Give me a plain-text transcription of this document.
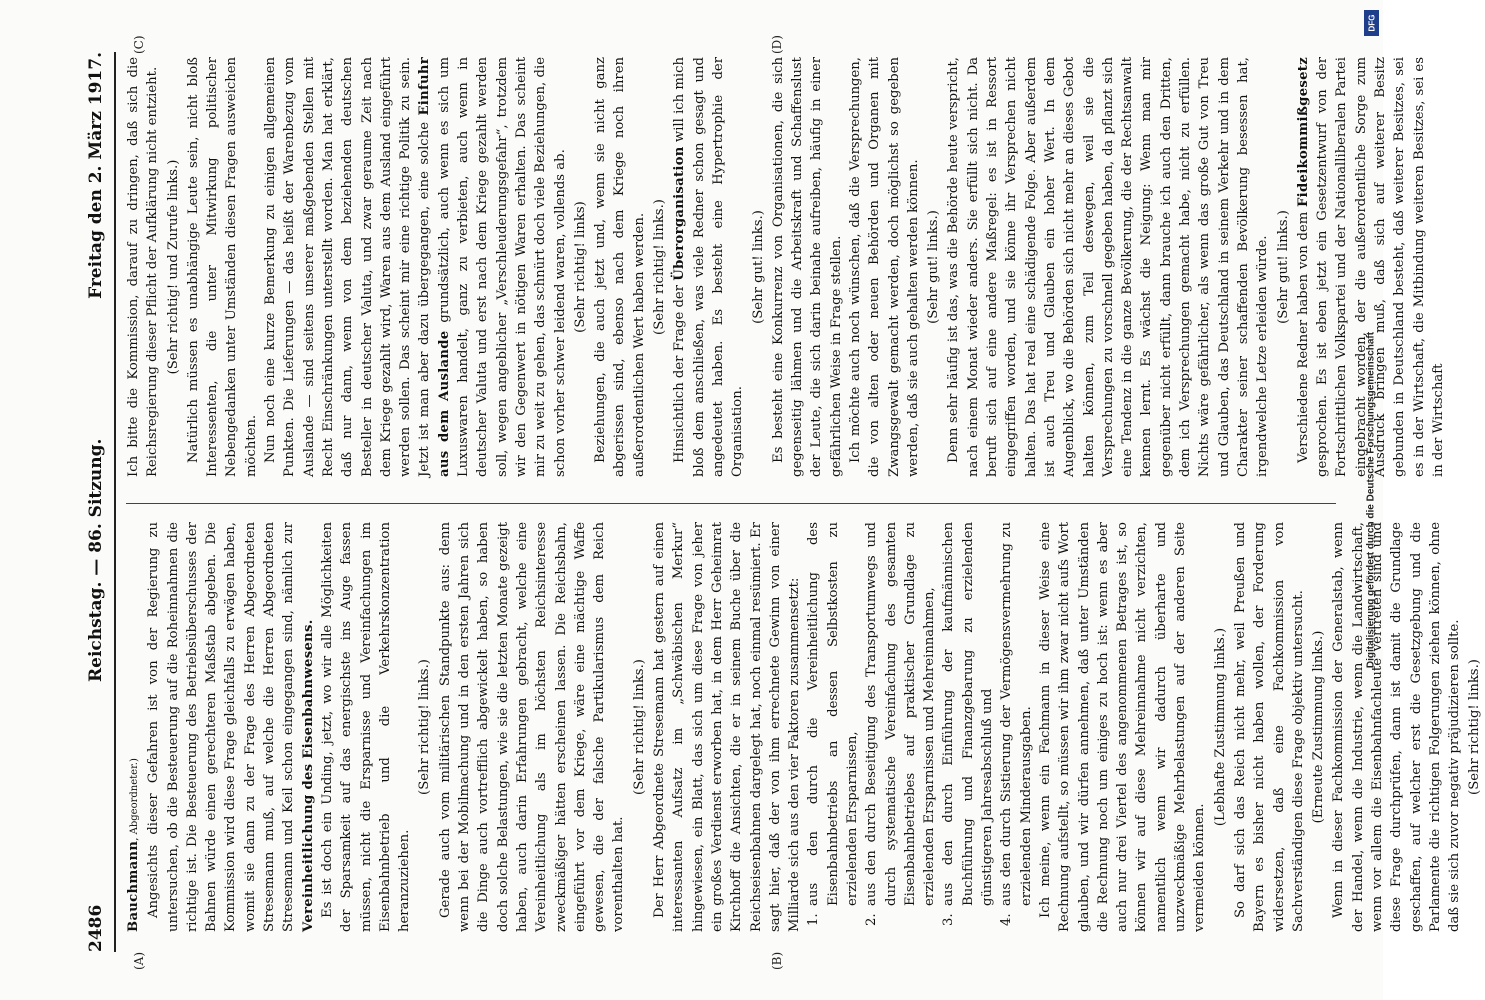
2486
Reichstag. — 86. Sitzung.
Freitag den 2. März 1917.
(A)	(B)
(C)	(D)

Bauchmann, Abgeordneter.) Angesichts dieser Gefahren ist von der Regierung zu untersuchen, ob die Besteuerung auf die Roheinnahmen die richtige ist. Die Besteuerung des Betriebsüberschusses der Bahnen würde einen gerechteren Maßstab abgeben. Die Kommission wird diese Frage gleichfalls zu erwägen haben, womit sie dann zu der Frage des Herren Abgeordneten Stresemann muß, auf welche die Herren Abgeordneten Stresemann und Keil schon eingegangen sind, nämlich zur Vereinheitlichung des Eisenbahnwesens. Es ist doch ein Unding, jetzt, wo wir alle Möglichkeiten der Sparsamkeit auf das energischste ins Auge fassen müssen, nicht die Ersparnisse und Vereinfachungen im Eisenbahnbetrieb und die Verkehrskonzentration heranzuziehen.

(Sehr richtig! links.) Gerade auch vom militärischen Standpunkte aus: denn wenn bei der Mobilmachung und in den ersten Jahren sich die Dinge auch vortrefflich abgewickelt haben, so haben doch solche Belastungen, wie sie die letzten Monate gezeigt haben, auch darin Erfahrungen gebracht, welche eine Vereinheitlichung als im höchsten Reichsinteresse zweckmäßiger hätten erscheinen lassen. Die Reichsbahn, eingeführt vor dem Kriege, wäre eine mächtige Waffe gewesen, die der falsche Partikularismus dem Reich vorenthalten hat.

(Sehr richtig! links.) Der Herr Abgeordnete Stresemann hat gestern auf einen interessanten Aufsatz im „Schwäbischen Merkur“ hingewiesen, ein Blatt, das sich um diese Frage von jeher ein großes Verdienst erworben hat, in dem Herr Geheimrat Kirchhoff die Ansichten, die er in seinem Buche über die Reichseisenbahnen dargelegt hat, noch einmal resümiert. Er sagt hier, daß der von ihm errechnete Gewinn von einer Milliarde sich aus den vier Faktoren zusammensetzt: 1.
aus den durch die Vereinheitlichung des Eisenbahnbetriebs an dessen Selbstkosten zu erzielenden Ersparnissen,

2.
aus den durch Beseitigung des Transportumwegs und durch systematische Vereinfachung des gesamten Eisenbahnbetriebes auf praktischer Grundlage zu erzielenden Ersparnissen und Mehreinnahmen,

3.
aus den durch Einführung der kaufmännischen Buchführung und Finanzgebarung zu erzielenden günstigeren Jahresabschluß und

4.
aus den durch Sistierung der Vermögensvermehrung zu erzielenden Minderausgaben. Ich meine, wenn ein Fachmann in dieser Weise eine Rechnung aufstellt, so müssen wir ihm zwar nicht aufs Wort glauben, und wir dürfen annehmen, daß unter Umständen die Rechnung noch um einiges zu hoch ist: wenn es aber auch nur drei Viertel des angenommenen Betrages ist, so können wir auf diese Mehreinnahme nicht verzichten, namentlich wenn wir dadurch überharte und unzweckmäßige Mehrbelastungen auf der anderen Seite vermeiden können.

(Lebhafte Zustimmung links.) So darf sich das Reich nicht mehr, weil Preußen und Bayern es bisher nicht haben wollen, der Forderung widersetzen, daß eine Fachkommission von Sachverständigen diese Frage objektiv untersucht. (Erneute Zustimmung links.) Wenn in dieser Fachkommission der Generalstab, wenn der Handel, wenn die Industrie, wenn die Landwirtschaft, wenn vor allem die Eisenbahnfachleute vertreten sind und diese Frage durchprüfen, dann ist damit die Grundlage geschaffen, auf welcher erst die Gesetzgebung und die Parlamente die richtigen Folgerungen ziehen können, ohne daß sie sich zuvor negativ präjudizieren sollte. (Sehr richtig! links.)

Ich bitte die Kommission, darauf zu dringen, daß sich die Reichsregierung dieser Pflicht der Aufklärung nicht entzieht. (Sehr richtig! und Zurufe links.) Natürlich müssen es unabhängige Leute sein, nicht bloß Interessenten, die unter Mitwirkung politischer Nebengedanken unter Umständen diesen Fragen ausweichen möchten. Nun noch eine kurze Bemerkung zu einigen allgemeinen Punkten. Die Lieferungen — das heißt der Warenbezug vom Auslande — sind seitens unserer maßgebenden Stellen mit Recht Einschränkungen unterstellt worden. Man hat erklärt, daß nur dann, wenn von dem beziehenden deutschen Besteller in deutscher Valuta, und zwar geraume Zeit nach dem Kriege gezahlt wird, Waren aus dem Ausland eingeführt werden sollen. Das scheint mir eine richtige Politik zu sein. Jetzt ist man aber dazu übergegangen, eine solche Einfuhr aus dem Auslande grundsätzlich, auch wenn es sich um Luxuswaren handelt, ganz zu verbieten, auch wenn in deutscher Valuta und erst nach dem Kriege gezahlt werden soll, wegen angeblicher „Verschleuderungsgefahr“, trotzdem wir den Gegenwert in nötigen Waren erhalten. Das scheint mir zu weit zu gehen, das schnürt doch viele Beziehungen, die schon vorher schwer leidend waren, vollends ab. (Sehr richtig! links) Beziehungen, die auch jetzt und, wenn sie nicht ganz abgerissen sind, ebenso nach dem Kriege noch ihren außerordentlichen Wert haben werden. (Sehr richtig! links.)

Hinsichtlich der Frage der Überorganisation will ich mich bloß dem anschließen, was viele Redner schon gesagt und angedeutet haben. Es besteht eine Hypertrophie der Organisation.

(Sehr gut! links.) Es besteht eine Konkurrenz von Organisationen, die sich gegenseitig lähmen und die Arbeitskraft und Schaffenslust der Leute, die sich darin beinahe aufreiben, häufig in einer gefährlichen Weise in Frage stellen. Ich möchte auch noch wünschen, daß die Versprechungen, die von alten oder neuen Behörden und Organen mit Zwangsgewalt gemacht werden, doch möglichst so gegeben werden, daß sie auch gehalten werden können. (Sehr gut! links.) Denn sehr häufig ist das, was die Behörde heute verspricht, nach einem Monat wieder anders. Sie erfüllt sich nicht. Da beruft sich auf eine andere Maßregel: es ist in Ressort eingegriffen worden, und sie könne ihr Versprechen nicht halten. Das hat real eine schädigende Folge. Aber außerdem ist auch Treu und Glauben ein hoher Wert. In dem Augenblick, wo die Behörden sich nicht mehr an dieses Gebot halten können, zum Teil deswegen, weil sie die Versprechungen zu vorschnell gegeben haben, da pflanzt sich eine Tendenz in die ganze Bevölkerung, die der Rechtsanwalt kennen lernt. Es wächst die Neigung: Wenn man mir gegenüber nicht erfüllt, dann brauche ich auch den Dritten, dem ich Versprechungen gemacht habe, nicht zu erfüllen. Nichts wäre gefährlicher, als wenn das große Gut von Treu und Glauben, das Deutschland in seinem Verkehr und in dem Charakter seiner schaffenden Bevölkerung besessen hat, irgendwelche Letze erleiden würde. (Sehr gut! links.) Verschiedene Redner haben von dem Fideikommißgesetz gesprochen. Es ist eben jetzt ein Gesetzentwurf von der Fortschrittlichen Volkspartei und der Nationalliberalen Partei eingebracht worden, der die außerordentliche Sorge zum Ausdruck bringen muß, daß sich auf weiterer Besitz gebunden in Deutschland besteht, daß weiterer Besitzes, sei es in der Wirtschaft, die Mitbindung weiteren Besitzes, sei es in der Wirtschaft

DFG
Digitalisierung gefördert durch die Deutsche Forschungsgemeinschaft
